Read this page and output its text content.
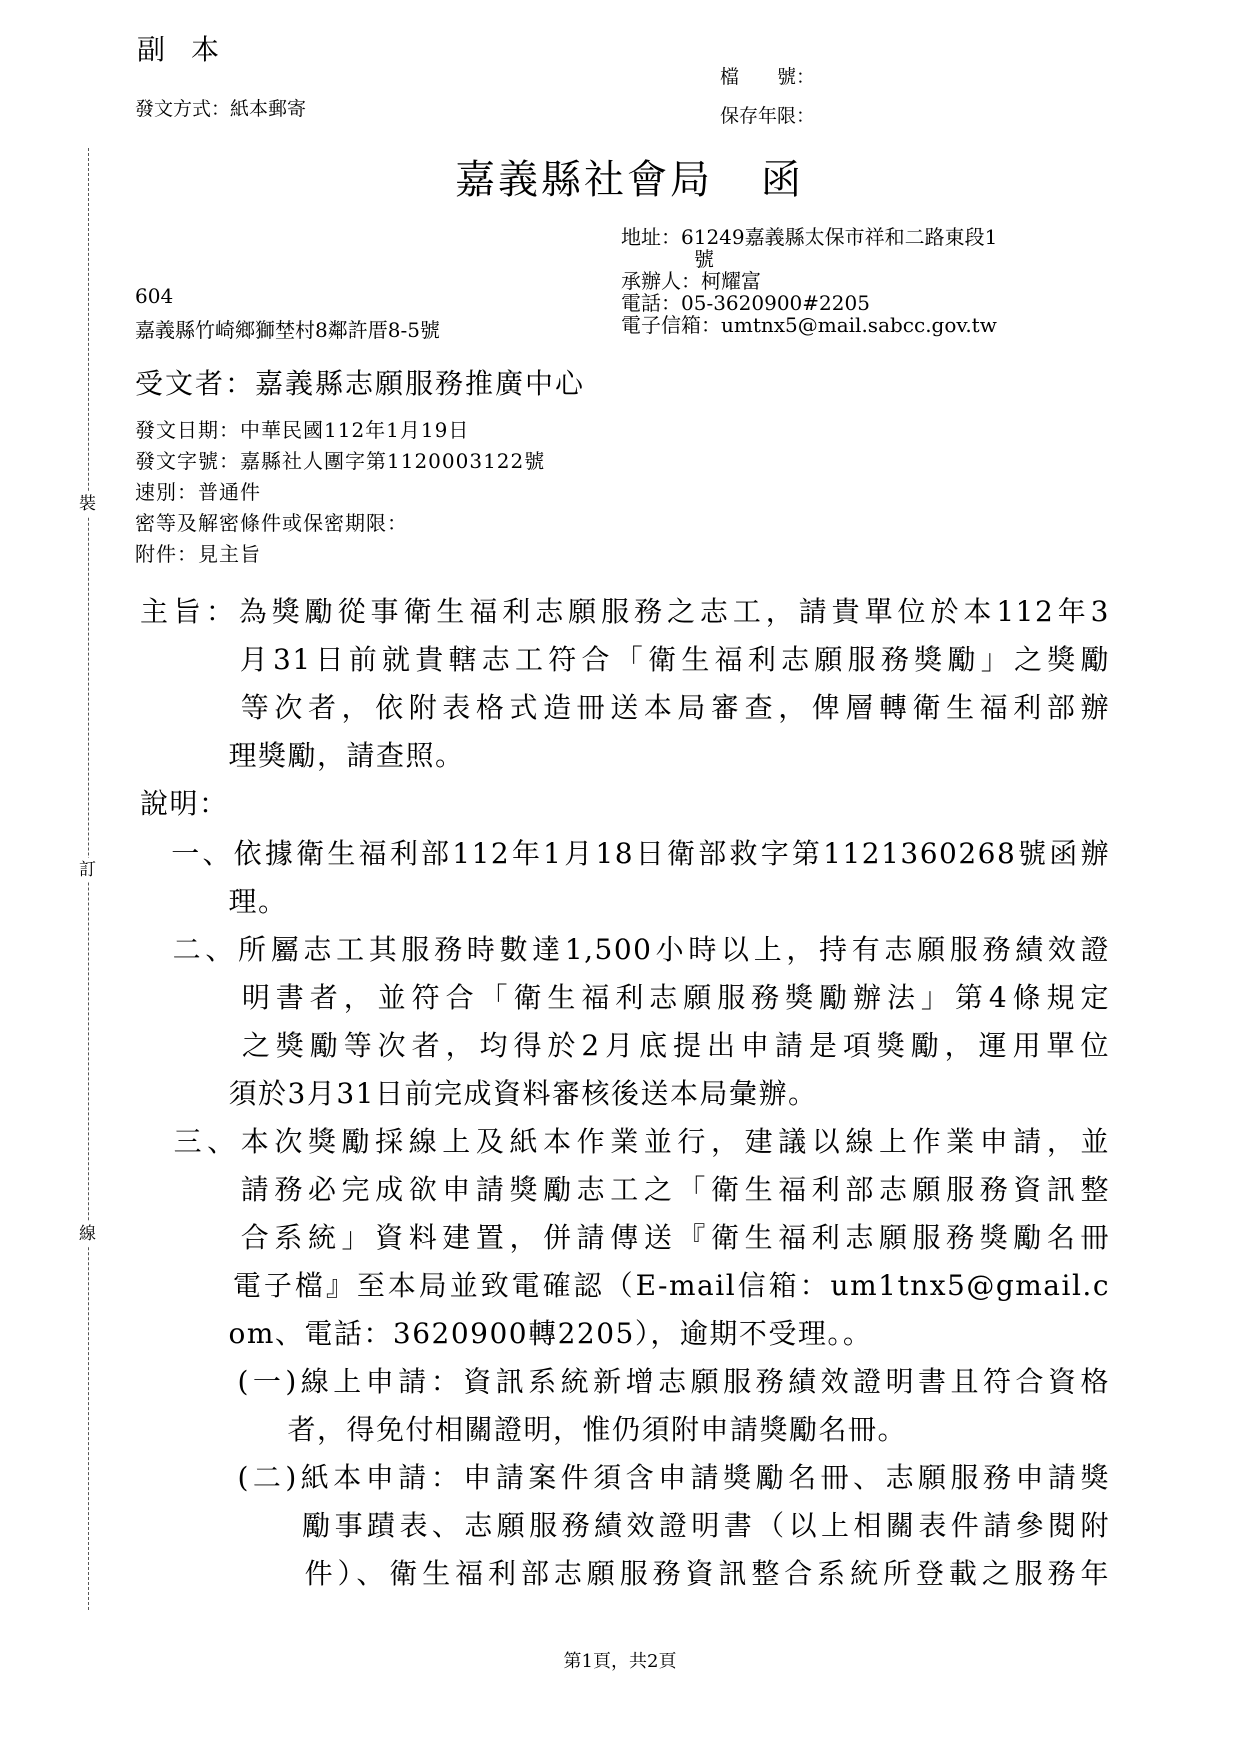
副本
發文方式：紙本郵寄
檔 號：
保存年限：
裝
訂
線
嘉義縣社會局 函
地址：61249嘉義縣太保市祥和二路東段1
號
承辦人：柯耀富
電話：05-3620900#2205
電子信箱：umtnx5@mail.sabcc.gov.tw
604
嘉義縣竹崎鄉獅埜村8鄰許厝8-5號
受文者：嘉義縣志願服務推廣中心
發文日期：中華民國112年1月19日
發文字號：嘉縣社人團字第1120003122號
速別：普通件
密等及解密條件或保密期限：
附件：見主旨
主旨：為獎勵從事衛生福利志願服務之志工，請貴單位於本112年3
　　　月31日前就貴轄志工符合「衛生福利志願服務獎勵」之獎勵
　　　等次者，依附表格式造冊送本局審查，俾層轉衛生福利部辦
　　　理獎勵，請查照。
說明：
　一、依據衛生福利部112年1月18日衛部救字第1121360268號函辦
　　　理。
　二、所屬志工其服務時數達1,500小時以上，持有志願服務績效證
　　　明書者，並符合「衛生福利志願服務獎勵辦法」第4條規定
　　　之獎勵等次者，均得於2月底提出申請是項獎勵，運用單位
　　　須於3月31日前完成資料審核後送本局彙辦。
　三、本次獎勵採線上及紙本作業並行，建議以線上作業申請，並
　　　請務必完成欲申請獎勵志工之「衛生福利部志願服務資訊整
　　　合系統」資料建置，併請傳送『衛生福利志願服務獎勵名冊
　　　電子檔』至本局並致電確認（E-mail信箱：um1tnx5@gmail.c
　　　om、電話：3620900轉2205），逾期不受理。。
　　　(一)線上申請：資訊系統新增志願服務績效證明書且符合資格
　　　　　者，得免付相關證明，惟仍須附申請獎勵名冊。
　　　(二)紙本申請：申請案件須含申請獎勵名冊、志願服務申請獎
　　　　　勵事蹟表、志願服務績效證明書（以上相關表件請參閱附
　　　　　件）、衛生福利部志願服務資訊整合系統所登載之服務年
第1頁，共2頁
